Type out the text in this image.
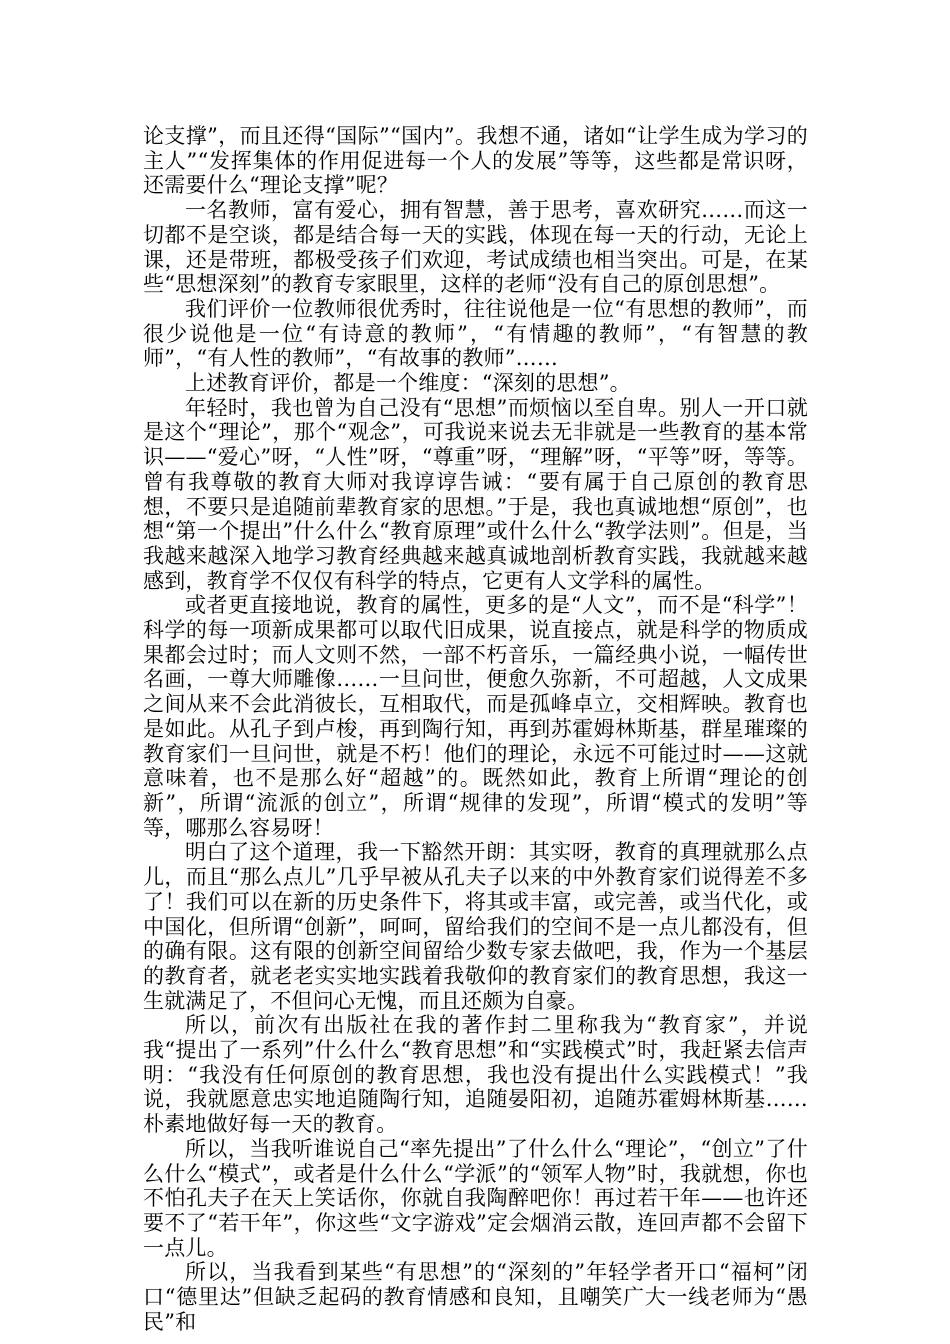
论支撑”，而且还得“国际”“国内”。我想不通，诸如“让学生成为学习的主人”“发挥集体的作用促进每一个人的发展”等等，这些都是常识呀，还需要什么“理论支撑”呢？

一名教师，富有爱心，拥有智慧，善于思考，喜欢研究……而这一切都不是空谈，都是结合每一天的实践，体现在每一天的行动，无论上课，还是带班，都极受孩子们欢迎，考试成绩也相当突出。可是，在某些“思想深刻”的教育专家眼里，这样的老师“没有自己的原创思想”。

我们评价一位教师很优秀时，往往说他是一位“有思想的教师”，而很少说他是一位“有诗意的教师”，“有情趣的教师”，“有智慧的教师”，“有人性的教师”，“有故事的教师”……

上述教育评价，都是一个维度：“深刻的思想”。

年轻时，我也曾为自己没有“思想”而烦恼以至自卑。别人一开口就是这个“理论”，那个“观念”，可我说来说去无非就是一些教育的基本常识——“爱心”呀，“人性”呀，“尊重”呀，“理解”呀，“平等”呀，等等。曾有我尊敬的教育大师对我谆谆告诫：“要有属于自己原创的教育思想，不要只是追随前辈教育家的思想。”于是，我也真诚地想“原创”，也想“第一个提出”什么什么“教育原理”或什么什么“教学法则”。但是，当我越来越深入地学习教育经典越来越真诚地剖析教育实践，我就越来越感到，教育学不仅仅有科学的特点，它更有人文学科的属性。

或者更直接地说，教育的属性，更多的是“人文”，而不是“科学”！科学的每一项新成果都可以取代旧成果，说直接点，就是科学的物质成果都会过时；而人文则不然，一部不朽音乐，一篇经典小说，一幅传世名画，一尊大师雕像……一旦问世，便愈久弥新，不可超越，人文成果之间从来不会此消彼长，互相取代，而是孤峰卓立，交相辉映。教育也是如此。从孔子到卢梭，再到陶行知，再到苏霍姆林斯基，群星璀璨的教育家们一旦问世，就是不朽！他们的理论，永远不可能过时——这就意味着，也不是那么好“超越”的。既然如此，教育上所谓“理论的创新”，所谓“流派的创立”，所谓“规律的发现”，所谓“模式的发明”等等，哪那么容易呀！

明白了这个道理，我一下豁然开朗：其实呀，教育的真理就那么点儿，而且“那么点儿”几乎早被从孔夫子以来的中外教育家们说得差不多了！我们可以在新的历史条件下，将其或丰富，或完善，或当代化，或中国化，但所谓“创新”，呵呵，留给我们的空间不是一点儿都没有，但的确有限。这有限的创新空间留给少数专家去做吧，我，作为一个基层的教育者，就老老实实地实践着我敬仰的教育家们的教育思想，我这一生就满足了，不但问心无愧，而且还颇为自豪。

所以，前次有出版社在我的著作封二里称我为“教育家”，并说我“提出了一系列”什么什么“教育思想”和“实践模式”时，我赶紧去信声明：“我没有任何原创的教育思想，我也没有提出什么实践模式！”我说，我就愿意忠实地追随陶行知，追随晏阳初，追随苏霍姆林斯基……朴素地做好每一天的教育。

所以，当我听谁说自己“率先提出”了什么什么“理论”，“创立”了什么什么“模式”，或者是什么什么“学派”的“领军人物”时，我就想，你也不怕孔夫子在天上笑话你，你就自我陶醉吧你！再过若干年——也许还要不了“若干年”，你这些“文字游戏”定会烟消云散，连回声都不会留下一点儿。

所以，当我看到某些“有思想”的“深刻的”年轻学者开口“福柯”闭口“德里达”但缺乏起码的教育情感和良知，且嘲笑广大一线老师为“愚民”和
